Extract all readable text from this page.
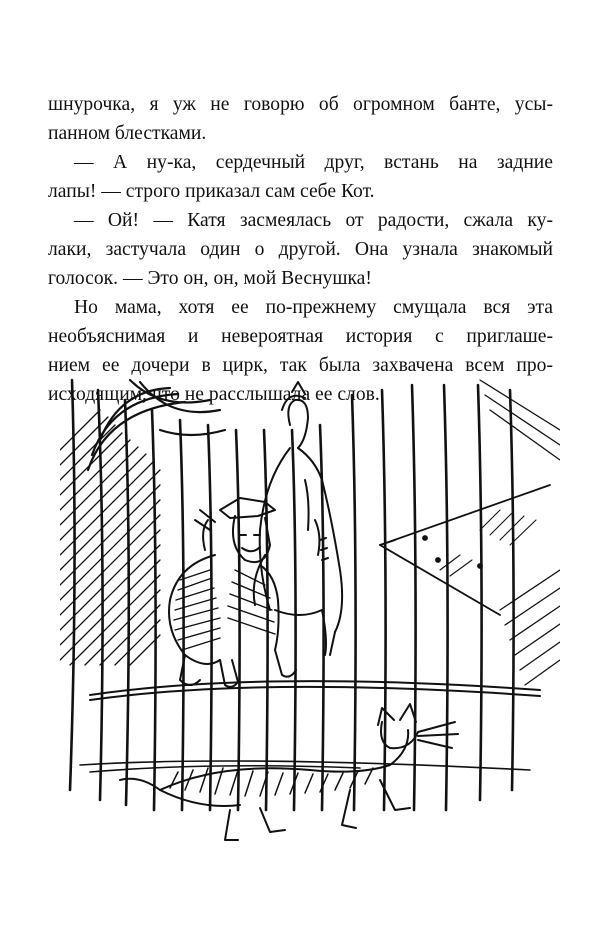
шнурочка, я уж не говорю об огромном банте, усы-
панном блестками.
— А ну-ка, сердечный друг, встань на задние
лапы! — строго приказал сам себе Кот.
— Ой! — Катя засмеялась от радости, сжала ку-
лаки, застучала один о другой. Она узнала знакомый
голосок. — Это он, он, мой Веснушка!
Но мама, хотя ее по-прежнему смущала вся эта
необъяснимая и невероятная история с приглаше-
нием ее дочери в цирк, так была захвачена всем про-
исходящим, что не расслышала ее слов.
